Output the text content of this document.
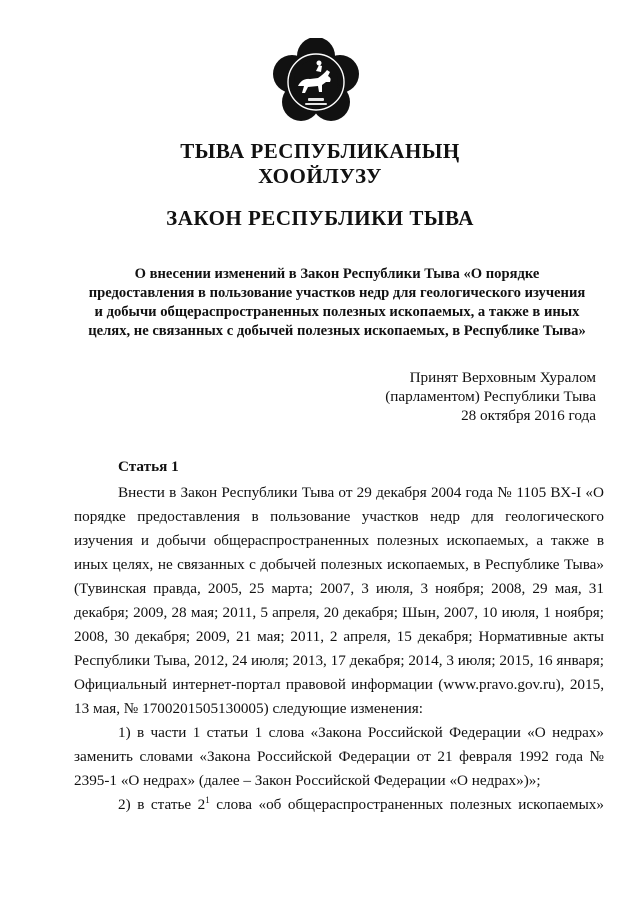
ТЫВА РЕСПУБЛИКАНЫҢ
ХООЙЛУЗУ
ЗАКОН РЕСПУБЛИКИ ТЫВА
О внесении изменений в Закон Республики Тыва «О порядке
предоставления в пользование участков недр для геологического изучения
и добычи общераспространенных полезных ископаемых, а также в иных
целях, не связанных с добычей полезных ископаемых, в Республике Тыва»
Принят Верховным Хуралом
(парламентом) Республики Тыва
28 октября 2016 года
Статья 1
Внести в Закон Республики Тыва от 29 декабря 2004 года № 1105 ВХ-I «О
порядке предоставления в пользование участков недр для геологического
изучения и добычи общераспространенных полезных ископаемых, а также в
иных целях, не связанных с добычей полезных ископаемых, в Республике Тыва»
(Тувинская правда, 2005, 25 марта; 2007, 3 июля, 3 ноября; 2008, 29 мая, 31
декабря; 2009, 28 мая; 2011, 5 апреля, 20 декабря; Шын, 2007, 10 июля, 1 ноября;
2008, 30 декабря; 2009, 21 мая; 2011, 2 апреля, 15 декабря; Нормативные акты
Республики Тыва, 2012, 24 июля; 2013, 17 декабря; 2014, 3 июля; 2015, 16 января;
Официальный интернет-портал правовой информации (www.pravo.gov.ru), 2015,
13 мая, № 1700201505130005) следующие изменения:
1) в части 1 статьи 1 слова «Закона Российской Федерации «О недрах»
заменить словами «Закона Российской Федерации от 21 февраля 1992 года №
2395-1 «О недрах» (далее – Закон Российской Федерации «О недрах»)»;
2) в статье $2^1$ слова «об общераспространенных полезных ископаемых»
